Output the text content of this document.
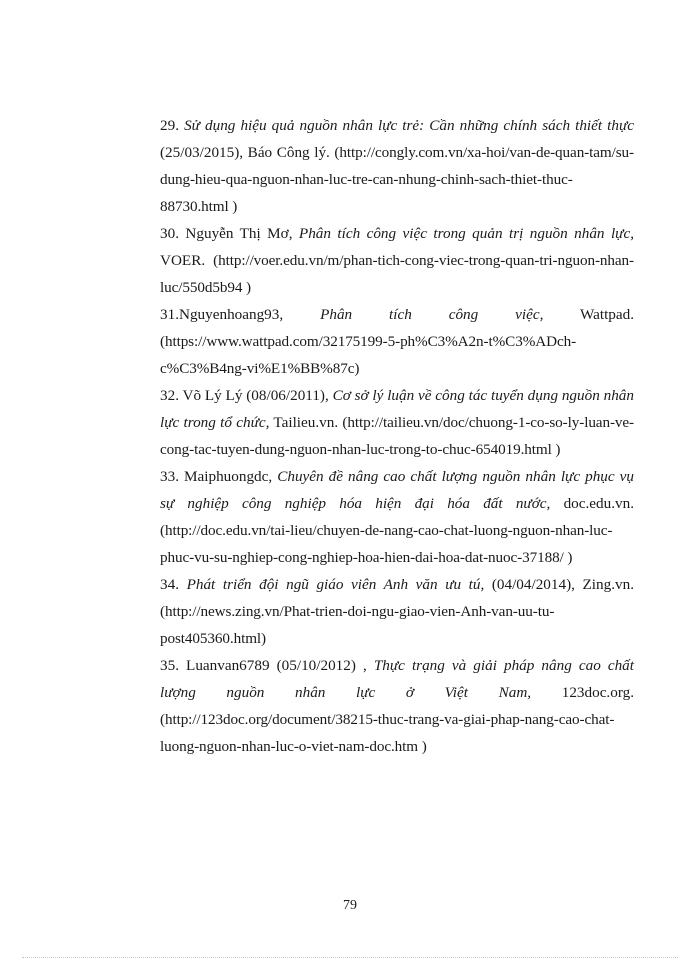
29. Sử dụng hiệu quả nguồn nhân lực trẻ: Cần những chính sách thiết thực (25/03/2015), Báo Công lý. (http://congly.com.vn/xa-hoi/van-de-quan-tam/su-dung-hieu-qua-nguon-nhan-luc-tre-can-nhung-chinh-sach-thiet-thuc-88730.html )

30. Nguyễn Thị Mơ, Phân tích công việc trong quản trị nguồn nhân lực, VOER. (http://voer.edu.vn/m/phan-tich-cong-viec-trong-quan-tri-nguon-nhan-luc/550d5b94 )

31.Nguyenhoang93, Phân tích công việc, Wattpad. (https://www.wattpad.com/32175199-5-ph%C3%A2n-t%C3%ADch-c%C3%B4ng-vi%E1%BB%87c)

32. Võ Lý Lý (08/06/2011), Cơ sở lý luận về công tác tuyển dụng nguồn nhân lực trong tổ chức, Tailieu.vn. (http://tailieu.vn/doc/chuong-1-co-so-ly-luan-ve-cong-tac-tuyen-dung-nguon-nhan-luc-trong-to-chuc-654019.html )

33. Maiphuongdc, Chuyên đề nâng cao chất lượng nguồn nhân lực phục vụ sự nghiệp công nghiệp hóa hiện đại hóa đất nước, doc.edu.vn. (http://doc.edu.vn/tai-lieu/chuyen-de-nang-cao-chat-luong-nguon-nhan-luc-phuc-vu-su-nghiep-cong-nghiep-hoa-hien-dai-hoa-dat-nuoc-37188/ )

34. Phát triển đội ngũ giáo viên Anh văn ưu tú, (04/04/2014), Zing.vn. (http://news.zing.vn/Phat-trien-doi-ngu-giao-vien-Anh-van-uu-tu-post405360.html)

35. Luanvan6789 (05/10/2012) , Thực trạng và giải pháp nâng cao chất lượng nguồn nhân lực ở Việt Nam, 123doc.org. (http://123doc.org/document/38215-thuc-trang-va-giai-phap-nang-cao-chat-luong-nguon-nhan-luc-o-viet-nam-doc.htm )

79
